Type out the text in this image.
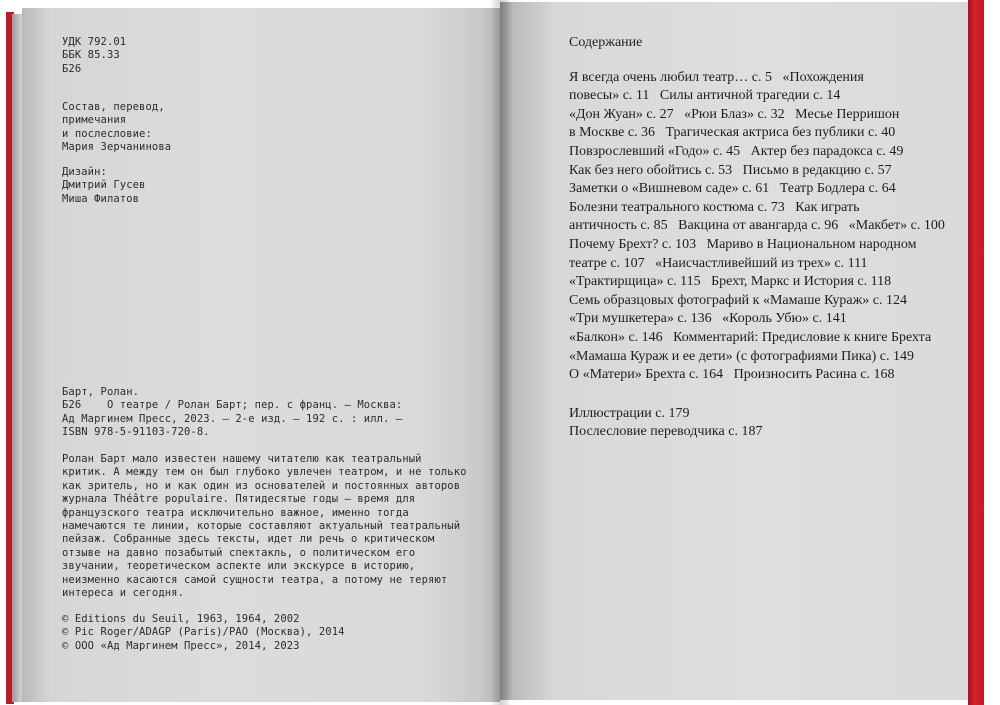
УДК 792.01
ББК 85.33
Б26
Состав, перевод,
примечания
и послесловие:
Мария Зерчанинова
Дизайн:
Дмитрий Гусев
Миша Филатов
Барт, Ролан.
Б26    О театре / Ролан Барт; пер. с франц. — Москва:
Ад Маргинем Пресс, 2023. — 2-е изд. — 192 с. : илл. —
ISBN 978-5-91103-720-8.
Ролан Барт мало известен нашему читателю как театральный
критик. А между тем он был глубоко увлечен театром, и не только
как зритель, но и как один из основателей и постоянных авторов
журнала Théâtre populaire. Пятидесятые годы — время для
французского театра исключительно важное, именно тогда
намечаются те линии, которые составляют актуальный театральный
пейзаж. Собранные здесь тексты, идет ли речь о критическом
отзыве на давно позабытый спектакль, о политическом его
звучании, теоретическом аспекте или экскурсе в историю,
неизменно касаются самой сущности театра, а потому не теряют
интереса и сегодня.
© Editions du Seuil, 1963, 1964, 2002
© Pic Roger/ADAGP (Paris)/РАО (Москва), 2014
© ООО «Ад Маргинем Пресс», 2014, 2023
Содержание
Я всегда очень любил театр… с. 5   «Похождения
повесы» с. 11   Силы античной трагедии с. 14
«Дон Жуан» с. 27   «Рюи Блаз» с. 32   Месье Перришон
в Москве с. 36   Трагическая актриса без публики с. 40
Повзрослевший «Годо» с. 45   Актер без парадокса с. 49
Как без него обойтись с. 53   Письмо в редакцию с. 57
Заметки о «Вишневом саде» с. 61   Театр Бодлера с. 64
Болезни театрального костюма с. 73   Как играть
античность с. 85   Вакцина от авангарда с. 96   «Макбет» с. 100
Почему Брехт? с. 103   Мариво в Национальном народном
театре с. 107   «Наисчастливейший из трех» с. 111
«Трактирщица» с. 115   Брехт, Маркс и История с. 118
Семь образцовых фотографий к «Мамаше Кураж» с. 124
«Три мушкетера» с. 136   «Король Убю» с. 141
«Балкон» с. 146   Комментарий: Предисловие к книге Брехта
«Мамаша Кураж и ее дети» (с фотографиями Пика) с. 149
О «Матери» Брехта с. 164   Произносить Расина с. 168
Иллюстрации с. 179
Послесловие переводчика с. 187
